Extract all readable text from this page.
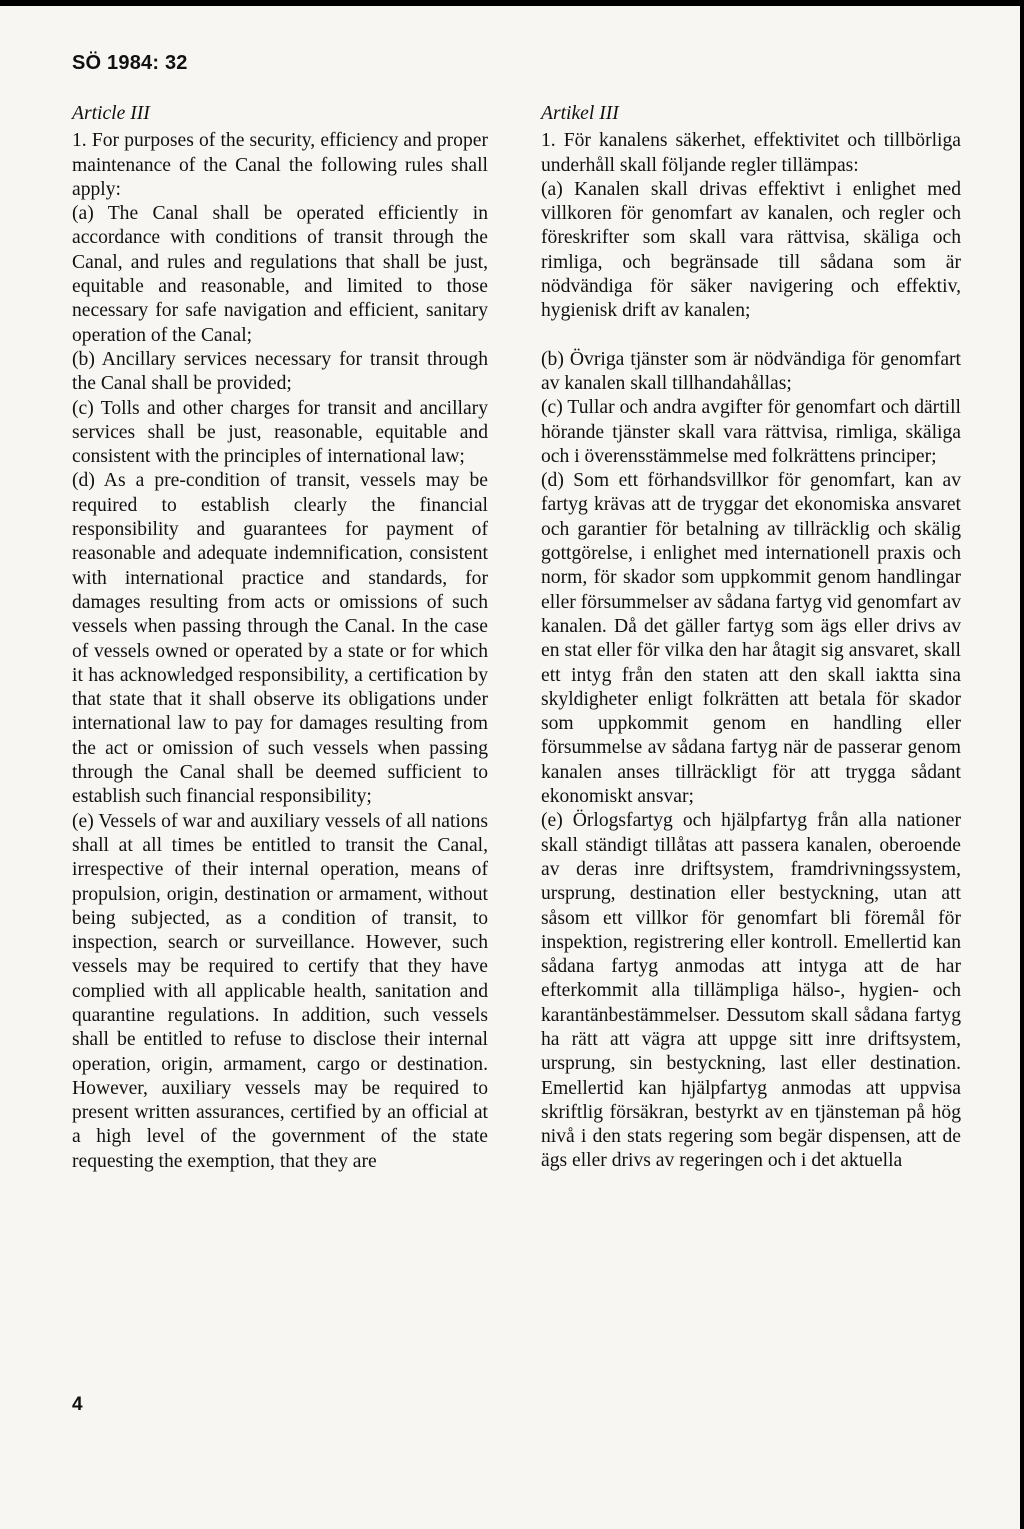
SÖ 1984: 32
Article III

1. For purposes of the security, efficiency and proper maintenance of the Canal the following rules shall apply:

(a) The Canal shall be operated efficiently in accordance with conditions of transit through the Canal, and rules and regulations that shall be just, equitable and reasonable, and limited to those necessary for safe navigation and efficient, sanitary operation of the Canal;

(b) Ancillary services necessary for transit through the Canal shall be provided;

(c) Tolls and other charges for transit and ancillary services shall be just, reasonable, equitable and consistent with the principles of international law;

(d) As a pre-condition of transit, vessels may be required to establish clearly the financial responsibility and guarantees for payment of reasonable and adequate indemnification, consistent with international practice and standards, for damages resulting from acts or omissions of such vessels when passing through the Canal. In the case of vessels owned or operated by a state or for which it has acknowledged responsibility, a certification by that state that it shall observe its obligations under international law to pay for damages resulting from the act or omission of such vessels when passing through the Canal shall be deemed sufficient to establish such financial responsibility;

(e) Vessels of war and auxiliary vessels of all nations shall at all times be entitled to transit the Canal, irrespective of their internal operation, means of propulsion, origin, destination or armament, without being subjected, as a condition of transit, to inspection, search or surveillance. However, such vessels may be required to certify that they have complied with all applicable health, sanitation and quarantine regulations. In addition, such vessels shall be entitled to refuse to disclose their internal operation, origin, armament, cargo or destination. However, auxiliary vessels may be required to present written assurances, certified by an official at a high level of the government of the state requesting the exemption, that they are

Artikel III

1. För kanalens säkerhet, effektivitet och tillbörliga underhåll skall följande regler tillämpas:

(a) Kanalen skall drivas effektivt i enlighet med villkoren för genomfart av kanalen, och regler och föreskrifter som skall vara rättvisa, skäliga och rimliga, och begränsade till sådana som är nödvändiga för säker navigering och effektiv, hygienisk drift av kanalen;

(b) Övriga tjänster som är nödvändiga för genomfart av kanalen skall tillhandahållas;

(c) Tullar och andra avgifter för genomfart och därtill hörande tjänster skall vara rättvisa, rimliga, skäliga och i överensstämmelse med folkrättens principer;

(d) Som ett förhandsvillkor för genomfart, kan av fartyg krävas att de tryggar det ekonomiska ansvaret och garantier för betalning av tillräcklig och skälig gottgörelse, i enlighet med internationell praxis och norm, för skador som uppkommit genom handlingar eller försummelser av sådana fartyg vid genomfart av kanalen. Då det gäller fartyg som ägs eller drivs av en stat eller för vilka den har åtagit sig ansvaret, skall ett intyg från den staten att den skall iaktta sina skyldigheter enligt folkrätten att betala för skador som uppkommit genom en handling eller försummelse av sådana fartyg när de passerar genom kanalen anses tillräckligt för att trygga sådant ekonomiskt ansvar;

(e) Örlogsfartyg och hjälpfartyg från alla nationer skall ständigt tillåtas att passera kanalen, oberoende av deras inre driftsystem, framdrivningssystem, ursprung, destination eller bestyckning, utan att såsom ett villkor för genomfart bli föremål för inspektion, registrering eller kontroll. Emellertid kan sådana fartyg anmodas att intyga att de har efterkommit alla tillämpliga hälso-, hygien- och karantänbestämmelser. Dessutom skall sådana fartyg ha rätt att vägra att uppge sitt inre driftsystem, ursprung, sin bestyckning, last eller destination. Emellertid kan hjälpfartyg anmodas att uppvisa skriftlig försäkran, bestyrkt av en tjänsteman på hög nivå i den stats regering som begär dispensen, att de ägs eller drivs av regeringen och i det aktuella

4
